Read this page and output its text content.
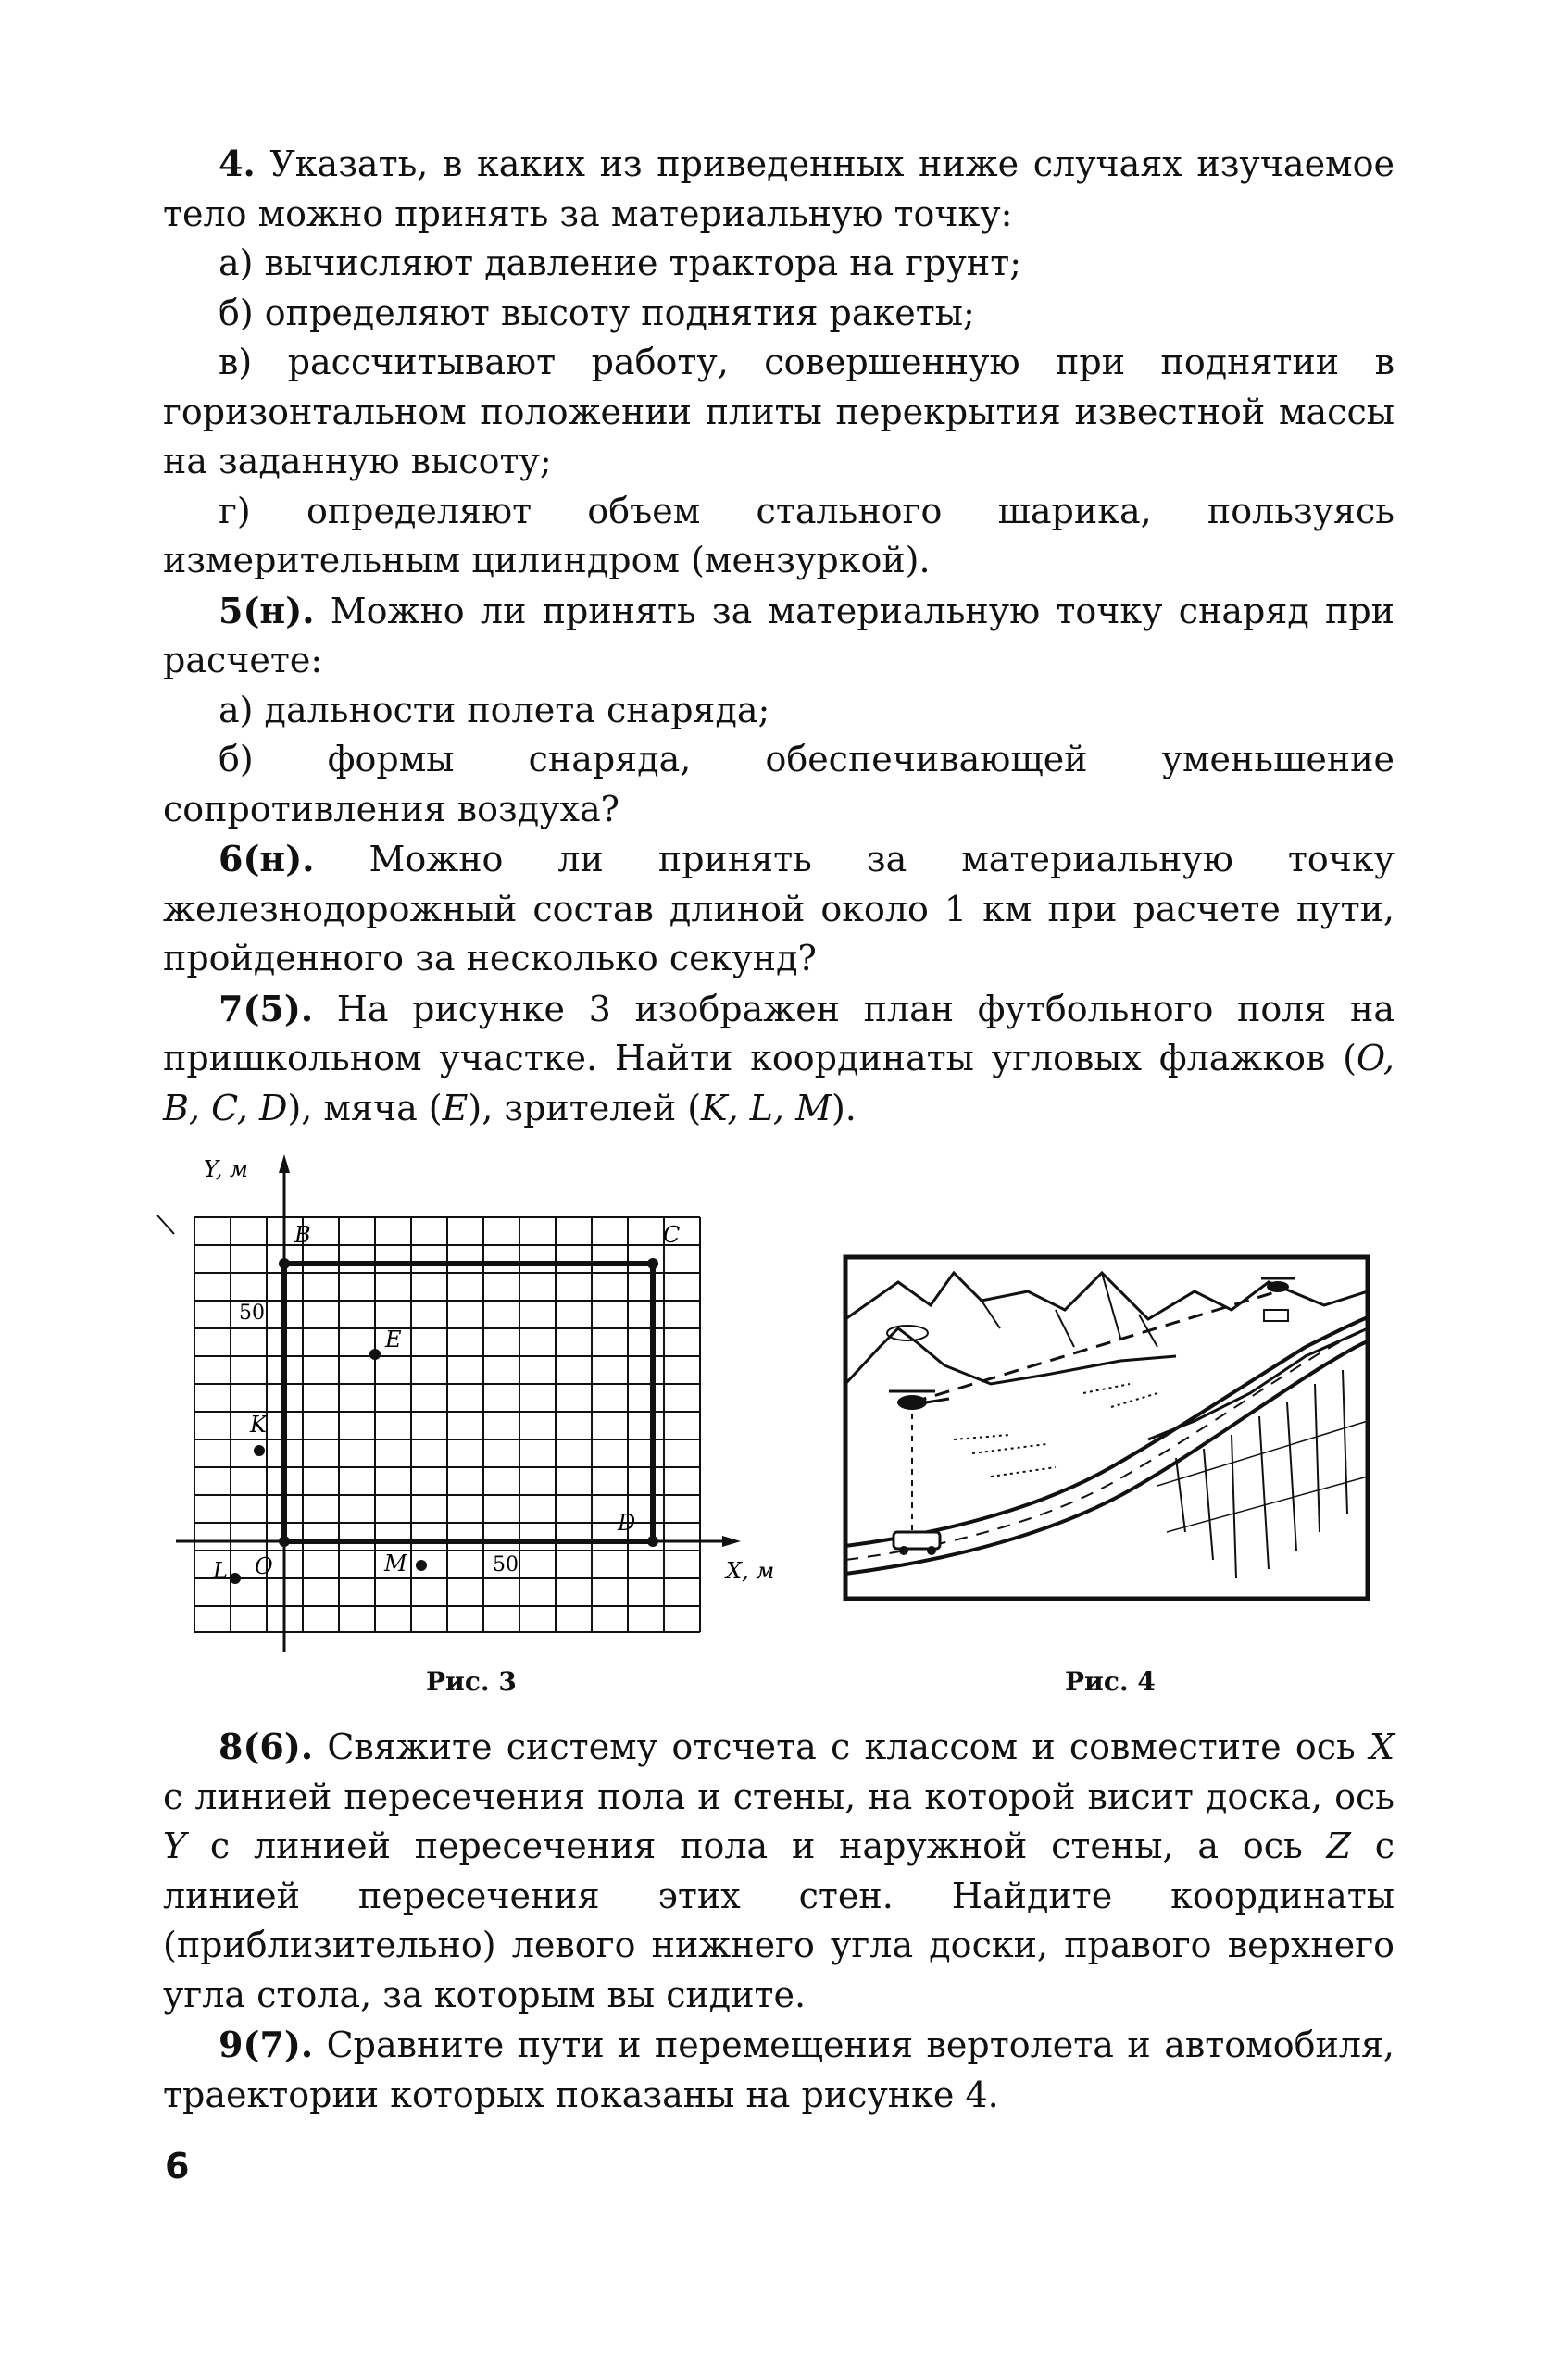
4. Указать, в каких из приведенных ниже случаях изучаемое тело можно принять за материальную точку:

а) вычисляют давление трактора на грунт;

б) определяют высоту поднятия ракеты;

в) рассчитывают работу, совершенную при поднятии в горизонтальном положении плиты перекрытия известной массы на заданную высоту;

г) определяют объем стального шарика, пользуясь измерительным цилиндром (мензуркой).

5(н). Можно ли принять за материальную точку снаряд при расчете:

а) дальности полета снаряда;

б) формы снаряда, обеспечивающей уменьшение сопротивления воздуха?

6(н). Можно ли принять за материальную точку железнодорожный состав длиной около 1 км при расчете пути, пройденного за несколько секунд?

7(5). На рисунке 3 изображен план футбольного поля на пришкольном участке. Найти координаты угловых флажков (O, B, C, D), мяча (E), зрителей (K, L, M).

Y, м
X, м
50
50
B	C
D
O
E
K
L	M
Рис. 3	Рис. 4

8(6). Свяжите систему отсчета с классом и совместите ось X с линией пересечения пола и стены, на которой висит доска, ось Y с линией пересечения пола и наружной стены, а ось Z с линией пересечения этих стен. Найдите координаты (приблизительно) левого нижнего угла доски, правого верхнего угла стола, за которым вы сидите.

9(7). Сравните пути и перемещения вертолета и автомобиля, траектории которых показаны на рисунке 4.

6
